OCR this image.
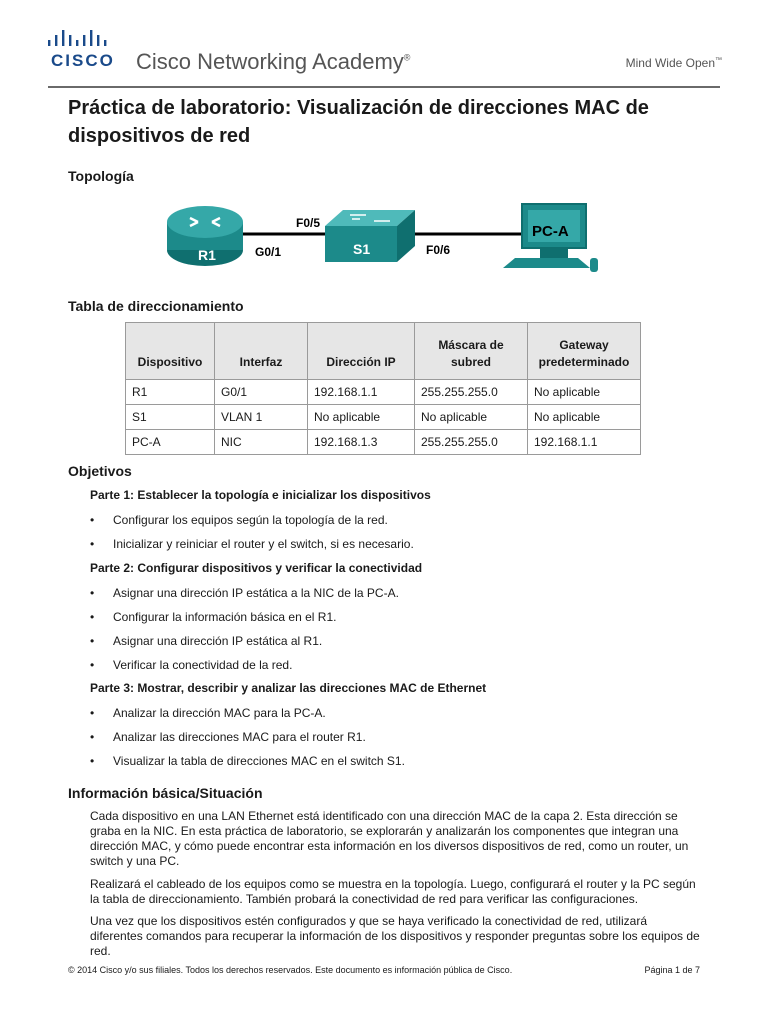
CISCO Cisco Networking Academy®	Mind Wide Open™
Práctica de laboratorio: Visualización de direcciones MAC de dispositivos de red
Topología
R1	G0/1	S1
F0/5
F0/6
PC-A
Tabla de direccionamiento
Dispositivo	Interfaz	Dirección IP	Máscara de subred	Gateway predeterminado
R1	G0/1	192.168.1.1	255.255.255.0	No aplicable
S1	VLAN 1	No aplicable	No aplicable	No aplicable
PC-A	NIC	192.168.1.3	255.255.255.0	192.168.1.1
Objetivos

Parte 1: Establecer la topología e inicializar los dispositivos

• Configurar los equipos según la topología de la red.
• Inicializar y reiniciar el router y el switch, si es necesario.

Parte 2: Configurar dispositivos y verificar la conectividad

• Asignar una dirección IP estática a la NIC de la PC-A.
• Configurar la información básica en el R1.
• Asignar una dirección IP estática al R1.
• Verificar la conectividad de la red.

Parte 3: Mostrar, describir y analizar las direcciones MAC de Ethernet

• Analizar la dirección MAC para la PC-A.
• Analizar las direcciones MAC para el router R1.
• Visualizar la tabla de direcciones MAC en el switch S1.
Información básica/Situación

Cada dispositivo en una LAN Ethernet está identificado con una dirección MAC de la capa 2. Esta dirección se graba en la NIC. En esta práctica de laboratorio, se explorarán y analizarán los componentes que integran una dirección MAC, y cómo puede encontrar esta información en los diversos dispositivos de red, como un router, un switch y una PC.

Realizará el cableado de los equipos como se muestra en la topología. Luego, configurará el router y la PC según la tabla de direccionamiento. También probará la conectividad de red para verificar las configuraciones.

Una vez que los dispositivos estén configurados y que se haya verificado la conectividad de red, utilizará diferentes comandos para recuperar la información de los dispositivos y responder preguntas sobre los equipos de red.

© 2014 Cisco y/o sus filiales. Todos los derechos reservados. Este documento es información pública de Cisco.	Página 1 de 7
